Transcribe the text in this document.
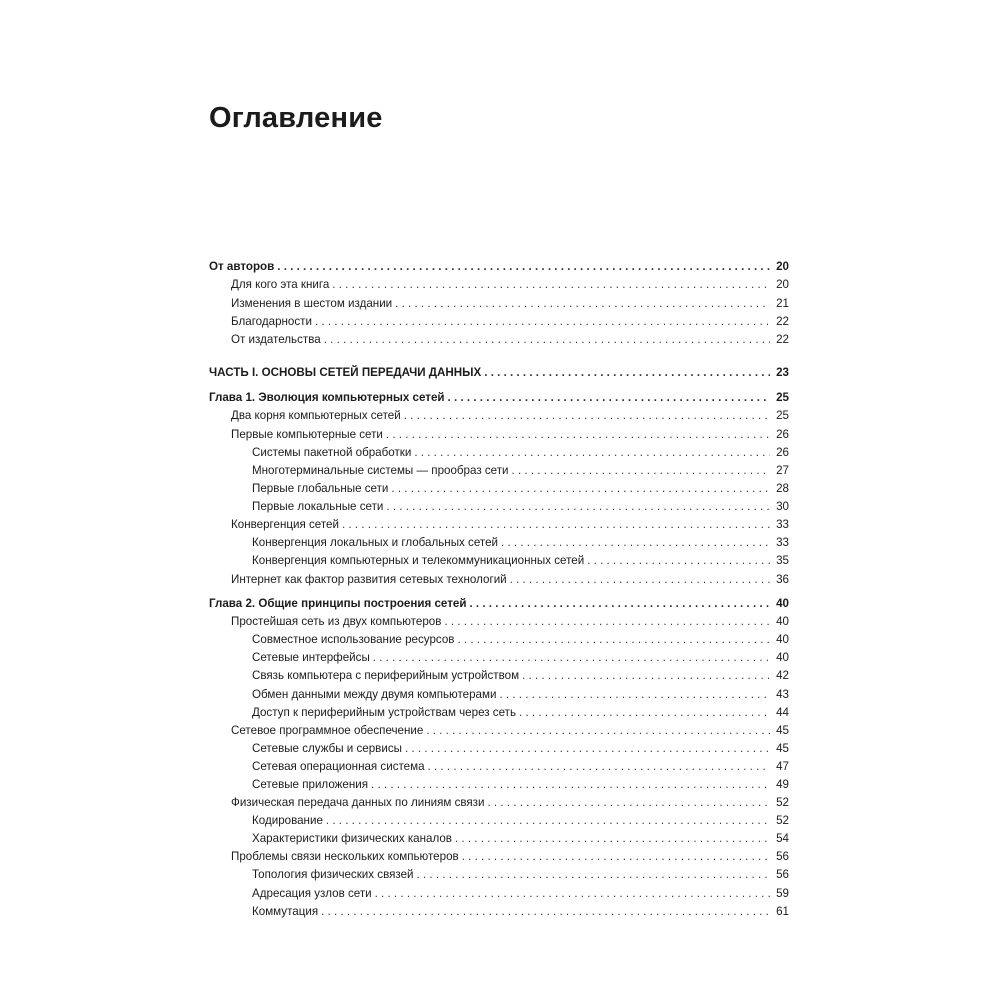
Оглавление
От авторов . . .	20
Для кого эта книга . . .	20
Изменения в шестом издании . . .	21
Благодарности . . .	22
От издательства . . .	22
ЧАСТЬ I. ОСНОВЫ СЕТЕЙ ПЕРЕДАЧИ ДАННЫХ . . .	23
Глава 1. Эволюция компьютерных сетей . . .	25
Два корня компьютерных сетей . . .	25
Первые компьютерные сети . . .	26
Системы пакетной обработки . . .	26
Многотерминальные системы — прообраз сети . . .	27
Первые глобальные сети . . .	28
Первые локальные сети . . .	30
Конвергенция сетей . . .	33
Конвергенция локальных и глобальных сетей . . .	33
Конвергенция компьютерных и телекоммуникационных сетей . . .	35
Интернет как фактор развития сетевых технологий . . .	36
Глава 2. Общие принципы построения сетей . . .	40
Простейшая сеть из двух компьютеров . . .	40
Совместное использование ресурсов . . .	40
Сетевые интерфейсы . . .	40
Связь компьютера с периферийным устройством . . .	42
Обмен данными между двумя компьютерами . . .	43
Доступ к периферийным устройствам через сеть . . .	44
Сетевое программное обеспечение . . .	45
Сетевые службы и сервисы . . .	45
Сетевая операционная система . . .	47
Сетевые приложения . . .	49
Физическая передача данных по линиям связи . . .	52
Кодирование . . .	52
Характеристики физических каналов . . .	54
Проблемы связи нескольких компьютеров . . .	56
Топология физических связей . . .	56
Адресация узлов сети . . .	59
Коммутация . . .	61
